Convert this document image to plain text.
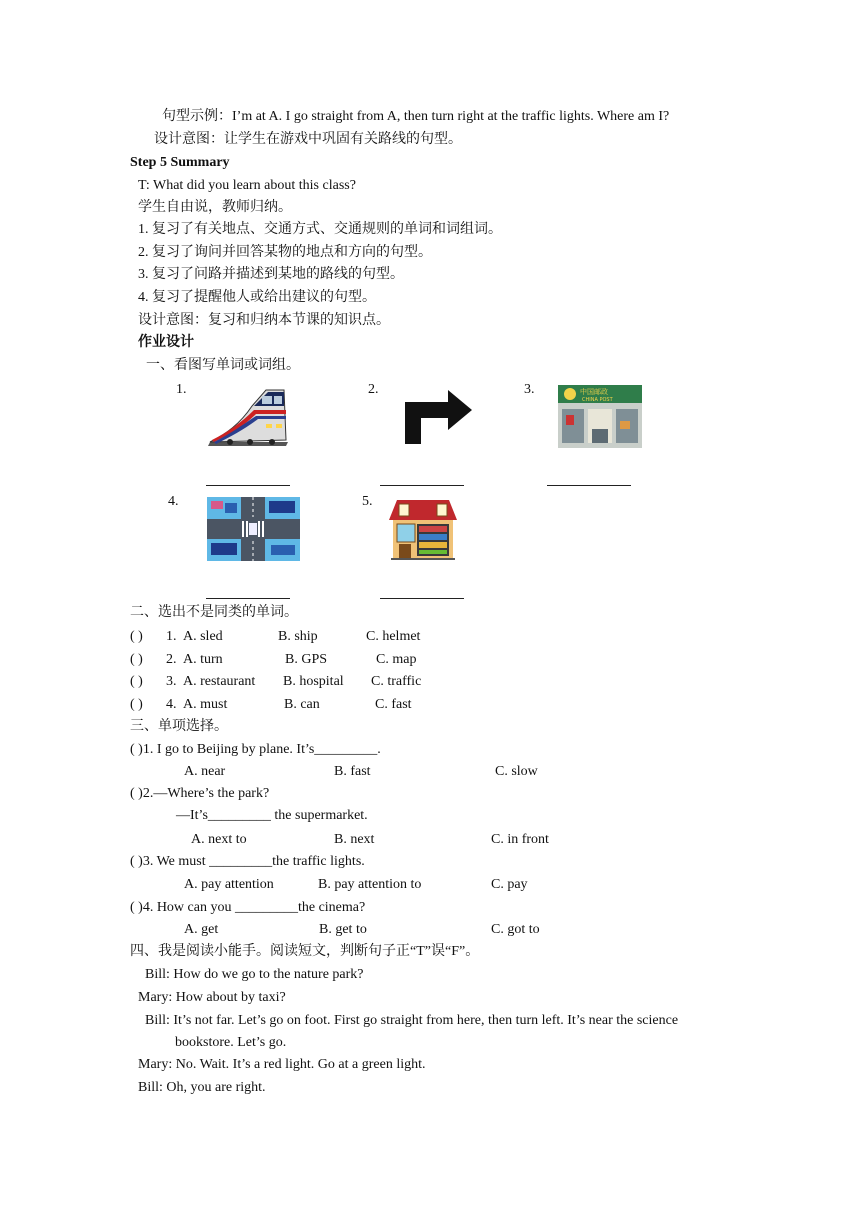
句型示例：I’m at A. I go straight from A, then turn right at the traffic lights. Where am I?
设计意图：让学生在游戏中巩固有关路线的句型。
Step 5 Summary
T: What did you learn about this class?
学生自由说，教师归纳。
1. 复习了有关地点、交通方式、交通规则的单词和词组词。
2. 复习了询问并回答某物的地点和方向的句型。
3. 复习了问路并描述到某地的路线的句型。
4. 复习了提醒他人或给出建议的句型。
设计意图：复习和归纳本节课的知识点。
作业设计
一、看图写单词或词组。
1.	2.	3.
4.	5.
中国邮政
CHINA POST
二、选出不是同类的单词。
( ) 1. A. sled	B. ship	C. helmet
( ) 2. A. turn	B. GPS	C. map
( ) 3. A. restaurant B. hospital C. traffic
( ) 4. A. must	B. can	C. fast
三、单项选择。
( )1. I go to Beijing by plane. It’s_________.
A. near	B. fast	C. slow
( )2.—Where’s the park?
—It’s_________ the supermarket.
A. next to	B. next	C. in front
( )3. We must _________the traffic lights.
A. pay attention	B. pay attention to	C. pay
( )4. How can you _________the cinema?
A. get	B. get to	C. got to
四、我是阅读小能手。阅读短文，判断句子正“T”误“F”。
Bill: How do we go to the nature park?
Mary: How about by taxi?
Bill: It’s not far. Let’s go on foot. First go straight from here, then turn left. It’s near the science
bookstore. Let’s go.
Mary: No. Wait. It’s a red light. Go at a green light.
Bill: Oh, you are right.
